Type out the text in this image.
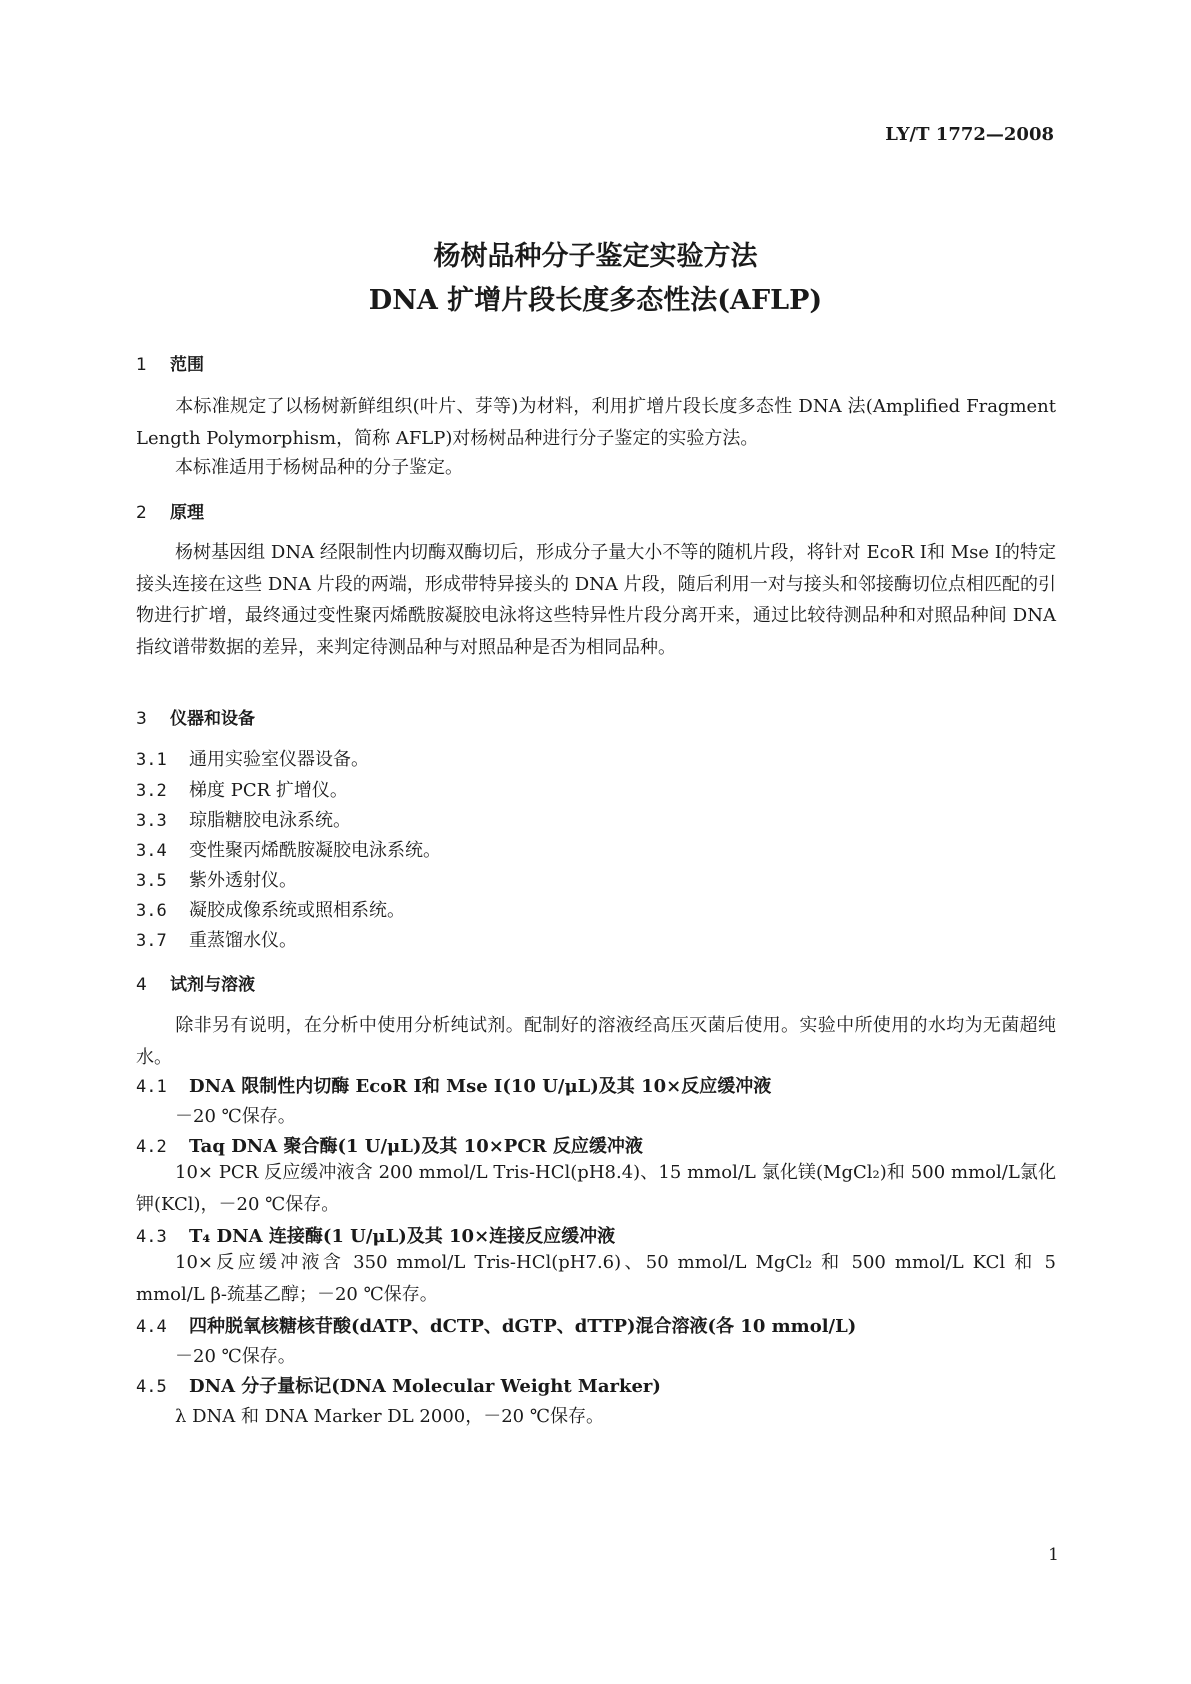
LY/T 1772—2008
杨树品种分子鉴定实验方法
DNA 扩增片段长度多态性法(AFLP)
1 范围
本标准规定了以杨树新鲜组织(叶片、芽等)为材料，利用扩增片段长度多态性 DNA 法(Amplified Fragment Length Polymorphism，简称 AFLP)对杨树品种进行分子鉴定的实验方法。
本标准适用于杨树品种的分子鉴定。
2 原理
杨树基因组 DNA 经限制性内切酶双酶切后，形成分子量大小不等的随机片段，将针对 EcoR Ⅰ和 Mse Ⅰ的特定接头连接在这些 DNA 片段的两端，形成带特异接头的 DNA 片段，随后利用一对与接头和邻接酶切位点相匹配的引物进行扩增，最终通过变性聚丙烯酰胺凝胶电泳将这些特异性片段分离开来，通过比较待测品种和对照品种间 DNA 指纹谱带数据的差异，来判定待测品种与对照品种是否为相同品种。
3 仪器和设备
3.1 通用实验室仪器设备。
3.2 梯度 PCR 扩增仪。
3.3 琼脂糖胶电泳系统。
3.4 变性聚丙烯酰胺凝胶电泳系统。
3.5 紫外透射仪。
3.6 凝胶成像系统或照相系统。
3.7 重蒸馏水仪。
4 试剂与溶液
除非另有说明，在分析中使用分析纯试剂。配制好的溶液经高压灭菌后使用。实验中所使用的水均为无菌超纯水。
4.1 DNA 限制性内切酶 EcoR Ⅰ和 Mse Ⅰ(10 U/μL)及其 10×反应缓冲液
－20 ℃保存。
4.2 Taq DNA 聚合酶(1 U/μL)及其 10×PCR 反应缓冲液
10× PCR 反应缓冲液含 200 mmol/L Tris-HCl(pH8.4)、15 mmol/L 氯化镁(MgCl₂)和 500 mmol/L氯化钾(KCl)，－20 ℃保存。
4.3 T₄ DNA 连接酶(1 U/μL)及其 10×连接反应缓冲液
10×反应缓冲液含 350 mmol/L Tris-HCl(pH7.6)、50 mmol/L MgCl₂ 和 500 mmol/L KCl 和 5 mmol/L β-巯基乙醇；－20 ℃保存。
4.4 四种脱氧核糖核苷酸(dATP、dCTP、dGTP、dTTP)混合溶液(各 10 mmol/L)
－20 ℃保存。
4.5 DNA 分子量标记(DNA Molecular Weight Marker)
λ DNA 和 DNA Marker DL 2000，－20 ℃保存。
1
